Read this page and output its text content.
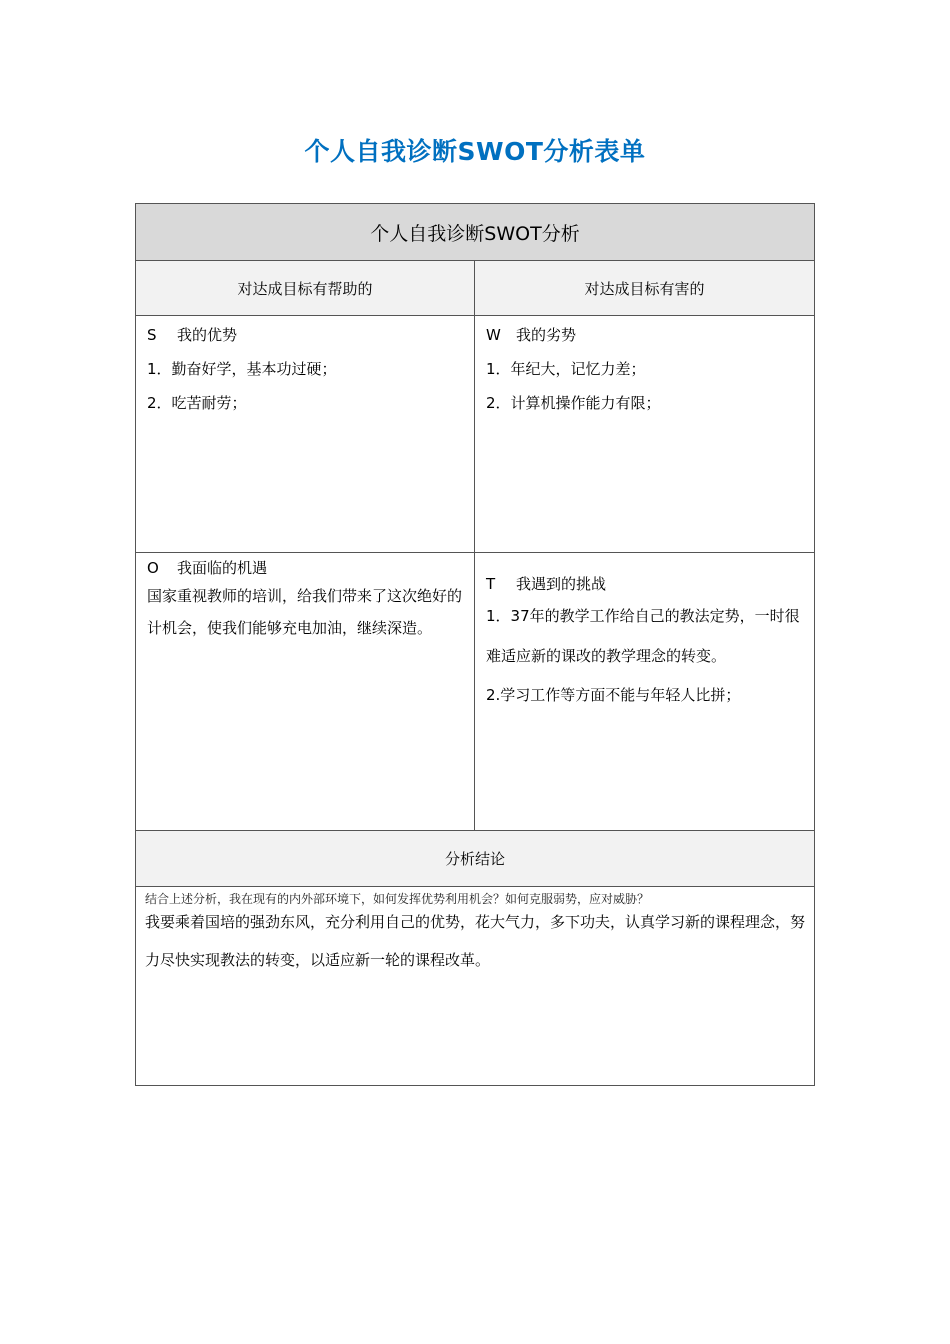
个人自我诊断SWOT分析表单
个人自我诊断SWOT分析
对达成目标有帮助的	对达成目标有害的
S 我的优势
1．勤奋好学，基本功过硬；
2．吃苦耐劳；
W 我的劣势
1．年纪大，记忆力差；
2．计算机操作能力有限；
O 我面临的机遇
国家重视教师的培训，给我们带来了这次绝好的计机会，使我们能够充电加油，继续深造。
T 我遇到的挑战
1．37年的教学工作给自己的教法定势，一时很难适应新的课改的教学理念的转变。
2.学习工作等方面不能与年轻人比拼；
分析结论
结合上述分析，我在现有的内外部环境下，如何发挥优势利用机会？如何克服弱势，应对威胁？
我要乘着国培的强劲东风，充分利用自己的优势，花大气力，多下功夫，认真学习新的课程理念，努力尽快实现教法的转变，以适应新一轮的课程改革。
